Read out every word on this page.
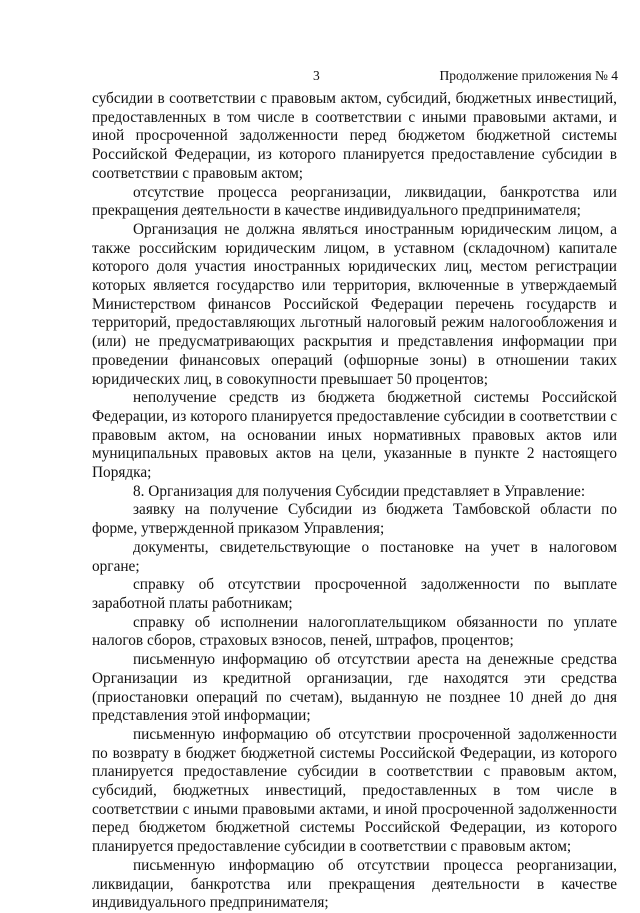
3	Продолжение приложения № 4

субсидии в соответствии с правовым актом, субсидий, бюджетных инвестиций, предоставленных в том числе в соответствии с иными правовыми актами, и иной просроченной задолженности перед бюджетом бюджетной системы Российской Федерации, из которого планируется предоставление субсидии в соответствии с правовым актом;

отсутствие процесса реорганизации, ликвидации, банкротства или прекращения деятельности в качестве индивидуального предпринимателя;

Организация не должна являться иностранным юридическим лицом, а также российским юридическим лицом, в уставном (складочном) капитале которого доля участия иностранных юридических лиц, местом регистрации которых является государство или территория, включенные в утверждаемый Министерством финансов Российской Федерации перечень государств и территорий, предоставляющих льготный налоговый режим налогообложения и (или) не предусматривающих раскрытия и представления информации при проведении финансовых операций (офшорные зоны) в отношении таких юридических лиц, в совокупности превышает 50 процентов;

неполучение средств из бюджета бюджетной системы Российской Федерации, из которого планируется предоставление субсидии в соответствии с правовым актом, на основании иных нормативных правовых актов или муниципальных правовых актов на цели, указанные в пункте 2 настоящего Порядка;

8. Организация для получения Субсидии представляет в Управление:

заявку на получение Субсидии из бюджета Тамбовской области по форме, утвержденной приказом Управления;

документы, свидетельствующие о постановке на учет в налоговом органе;

справку об отсутствии просроченной задолженности по выплате заработной платы работникам;

справку об исполнении налогоплательщиком обязанности по уплате налогов сборов, страховых взносов, пеней, штрафов, процентов;

письменную информацию об отсутствии ареста на денежные средства Организации из кредитной организации, где находятся эти средства (приостановки операций по счетам), выданную не позднее 10 дней до дня представления этой информации;

письменную информацию об отсутствии просроченной задолженности по возврату в бюджет бюджетной системы Российской Федерации, из которого планируется предоставление субсидии в соответствии с правовым актом, субсидий, бюджетных инвестиций, предоставленных в том числе в соответствии с иными правовыми актами, и иной просроченной задолженности перед бюджетом бюджетной системы Российской Федерации, из которого планируется предоставление субсидии в соответствии с правовым актом;

письменную информацию об отсутствии процесса реорганизации, ликвидации, банкротства или прекращения деятельности в качестве индивидуального предпринимателя;
